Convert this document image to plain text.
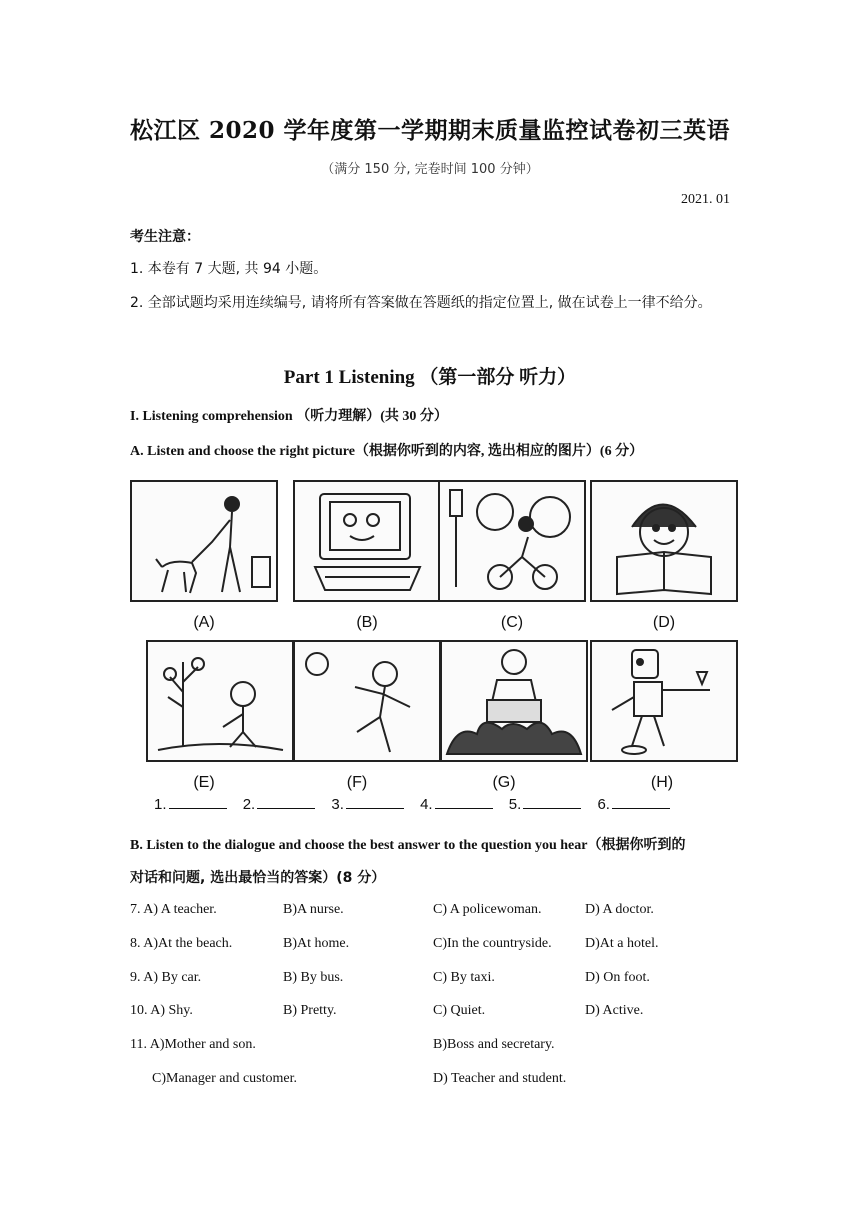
松江区 2020 学年度第一学期期末质量监控试卷初三英语
（满分 150 分, 完卷时间 100 分钟）
2021. 01
考生注意：
1. 本卷有 7 大题, 共 94 小题。
2. 全部试题均采用连续编号, 请将所有答案做在答题纸的指定位置上, 做在试卷上一律不给分。
Part 1 Listening （第一部分 听力）
I. Listening comprehension （听力理解）(共 30 分）
A. Listen and choose the right picture（根据你听到的内容, 选出相应的图片）(6 分）
(A)	(B)	(C)	(D)
(E)	(F)	(G)	(H)
1.	2.	3.	4.	5.	6.
B. Listen to the dialogue and choose the best answer to the question you hear（根据你听到的
对话和问题, 选出最恰当的答案）(8 分）
7. A) A teacher.	B)A nurse.	C) A policewoman.	D) A doctor.
8. A)At the beach.	B)At home.	C)In the countryside. D)At a hotel.
9. A) By car.	B) By bus.	C) By taxi.	D) On foot.
10. A) Shy.	B) Pretty.	C) Quiet.	D) Active.
11. A)Mother and son.	B)Boss and secretary.
C)Manager and customer.	D) Teacher and student.
